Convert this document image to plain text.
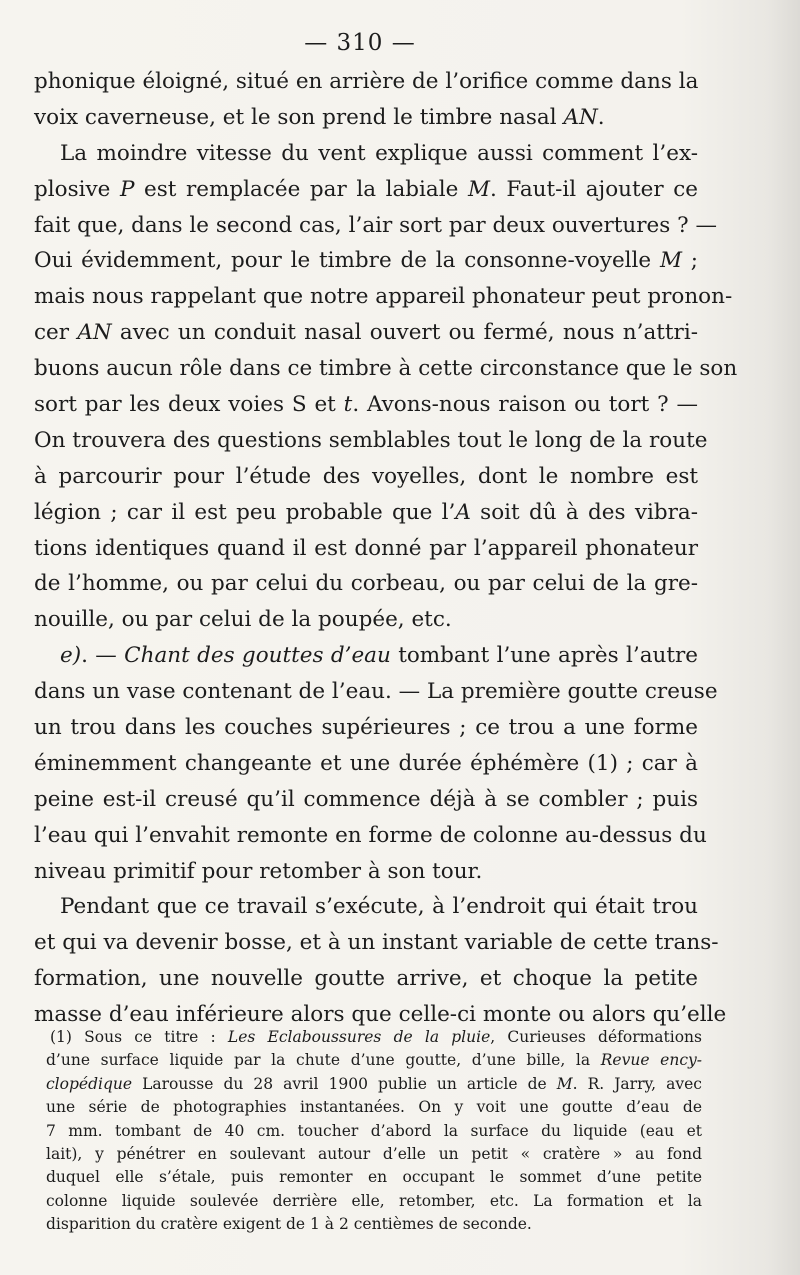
— 310 —
phonique éloigné, situé en arrière de l’orifice comme dans la
voix caverneuse, et le son prend le timbre nasal AN.
La moindre vitesse du vent explique aussi comment l’ex-
plosive P est remplacée par la labiale M. Faut-il ajouter ce
fait que, dans le second cas, l’air sort par deux ouvertures ? —
Oui évidemment, pour le timbre de la consonne-voyelle M ;
mais nous rappelant que notre appareil phonateur peut pronon-
cer AN avec un conduit nasal ouvert ou fermé, nous n’attri-
buons aucun rôle dans ce timbre à cette circonstance que le son
sort par les deux voies S et t. Avons-nous raison ou tort ? —
On trouvera des questions semblables tout le long de la route
à parcourir pour l’étude des voyelles, dont le nombre est
légion ; car il est peu probable que l’A soit dû à des vibra-
tions identiques quand il est donné par l’appareil phonateur
de l’homme, ou par celui du corbeau, ou par celui de la gre-
nouille, ou par celui de la poupée, etc.
e). — Chant des gouttes d’eau tombant l’une après l’autre
dans un vase contenant de l’eau. — La première goutte creuse
un trou dans les couches supérieures ; ce trou a une forme
éminemment changeante et une durée éphémère (1) ; car à
peine est-il creusé qu’il commence déjà à se combler ; puis
l’eau qui l’envahit remonte en forme de colonne au-dessus du
niveau primitif pour retomber à son tour.
Pendant que ce travail s’exécute, à l’endroit qui était trou
et qui va devenir bosse, et à un instant variable de cette trans-
formation, une nouvelle goutte arrive, et choque la petite
masse d’eau inférieure alors que celle-ci monte ou alors qu’elle
(1) Sous ce titre : Les Eclaboussures de la pluie, Curieuses déformations
d’une surface liquide par la chute d’une goutte, d’une bille, la Revue ency-
clopédique Larousse du 28 avril 1900 publie un article de M. R. Jarry, avec
une série de photographies instantanées. On y voit une goutte d’eau de
7 mm. tombant de 40 cm. toucher d’abord la surface du liquide (eau et
lait), y pénétrer en soulevant autour d’elle un petit « cratère » au fond
duquel elle s’étale, puis remonter en occupant le sommet d’une petite
colonne liquide soulevée derrière elle, retomber, etc. La formation et la
disparition du cratère exigent de 1 à 2 centièmes de seconde.
